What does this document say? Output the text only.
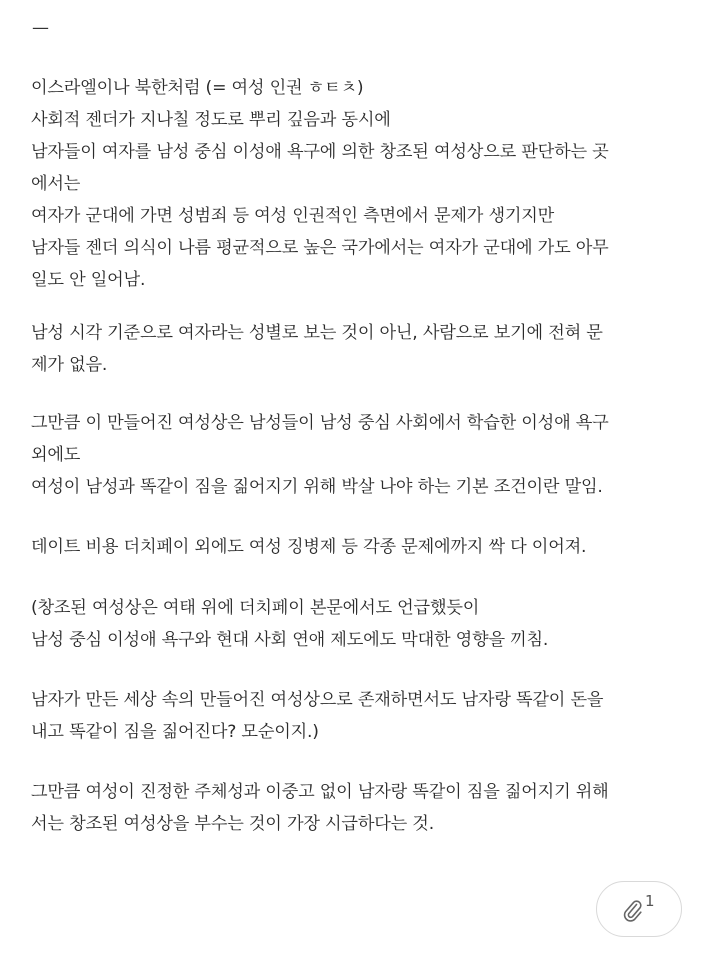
—
이스라엘이나 북한처럼 (= 여성 인권 ㅎㅌㅊ)
사회적 젠더가 지나칠 정도로 뿌리 깊음과 동시에
남자들이 여자를 남성 중심 이성애 욕구에 의한 창조된 여성상으로 판단하는 곳
에서는
여자가 군대에 가면 성범죄 등 여성 인권적인 측면에서 문제가 생기지만
남자들 젠더 의식이 나름 평균적으로 높은 국가에서는 여자가 군대에 가도 아무
일도 안 일어남.
남성 시각 기준으로 여자라는 성별로 보는 것이 아닌, 사람으로 보기에 전혀 문
제가 없음.
그만큼 이 만들어진 여성상은 남성들이 남성 중심 사회에서 학습한 이성애 욕구
외에도
여성이 남성과 똑같이 짐을 짊어지기 위해 박살 나야 하는 기본 조건이란 말임.
데이트 비용 더치페이 외에도 여성 징병제 등 각종 문제에까지 싹 다 이어져.
(창조된 여성상은 여태 위에 더치페이 본문에서도 언급했듯이
남성 중심 이성애 욕구와 현대 사회 연애 제도에도 막대한 영향을 끼침.
남자가 만든 세상 속의 만들어진 여성상으로 존재하면서도 남자랑 똑같이 돈을
내고 똑같이 짐을 짊어진다? 모순이지.)
그만큼 여성이 진정한 주체성과 이중고 없이 남자랑 똑같이 짐을 짊어지기 위해
서는 창조된 여성상을 부수는 것이 가장 시급하다는 것.
1
